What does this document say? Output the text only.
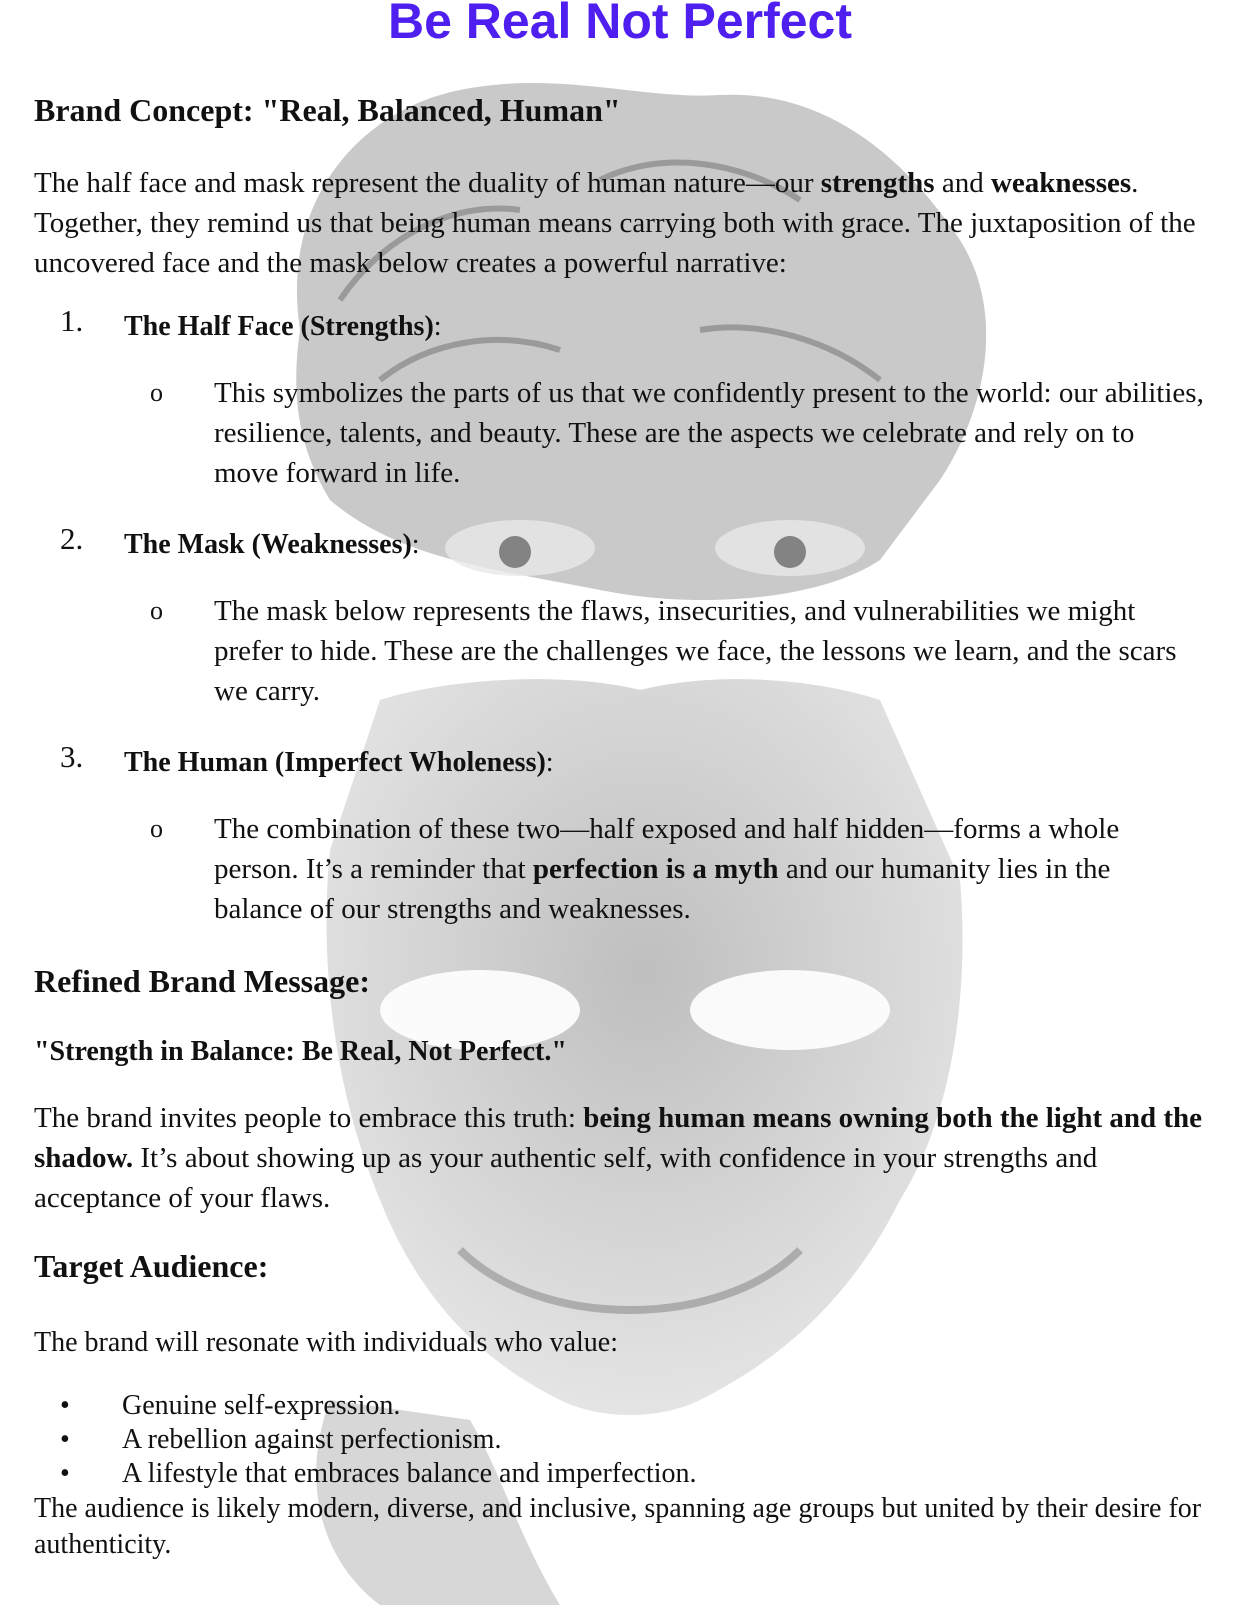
Be Real Not Perfect
Brand Concept: "Real, Balanced, Human"

The half face and mask represent the duality of human nature—our strengths and weaknesses. Together, they remind us that being human means carrying both with grace. The juxtaposition of the uncovered face and the mask below creates a powerful narrative:

1. The Half Face (Strengths):
o This symbolizes the parts of us that we confidently present to the world: our abilities, resilience, talents, and beauty. These are the aspects we celebrate and rely on to move forward in life.
2. The Mask (Weaknesses):
o The mask below represents the flaws, insecurities, and vulnerabilities we might prefer to hide. These are the challenges we face, the lessons we learn, and the scars we carry.
3. The Human (Imperfect Wholeness):
o The combination of these two—half exposed and half hidden—forms a whole person. It’s a reminder that perfection is a myth and our humanity lies in the balance of our strengths and weaknesses.
Refined Brand Message:

"Strength in Balance: Be Real, Not Perfect."

The brand invites people to embrace this truth: being human means owning both the light and the shadow. It’s about showing up as your authentic self, with confidence in your strengths and acceptance of your flaws.

Target Audience:

The brand will resonate with individuals who value:

• Genuine self-expression.
• A rebellion against perfectionism.
• A lifestyle that embraces balance and imperfection.

The audience is likely modern, diverse, and inclusive, spanning age groups but united by their desire for authenticity.
